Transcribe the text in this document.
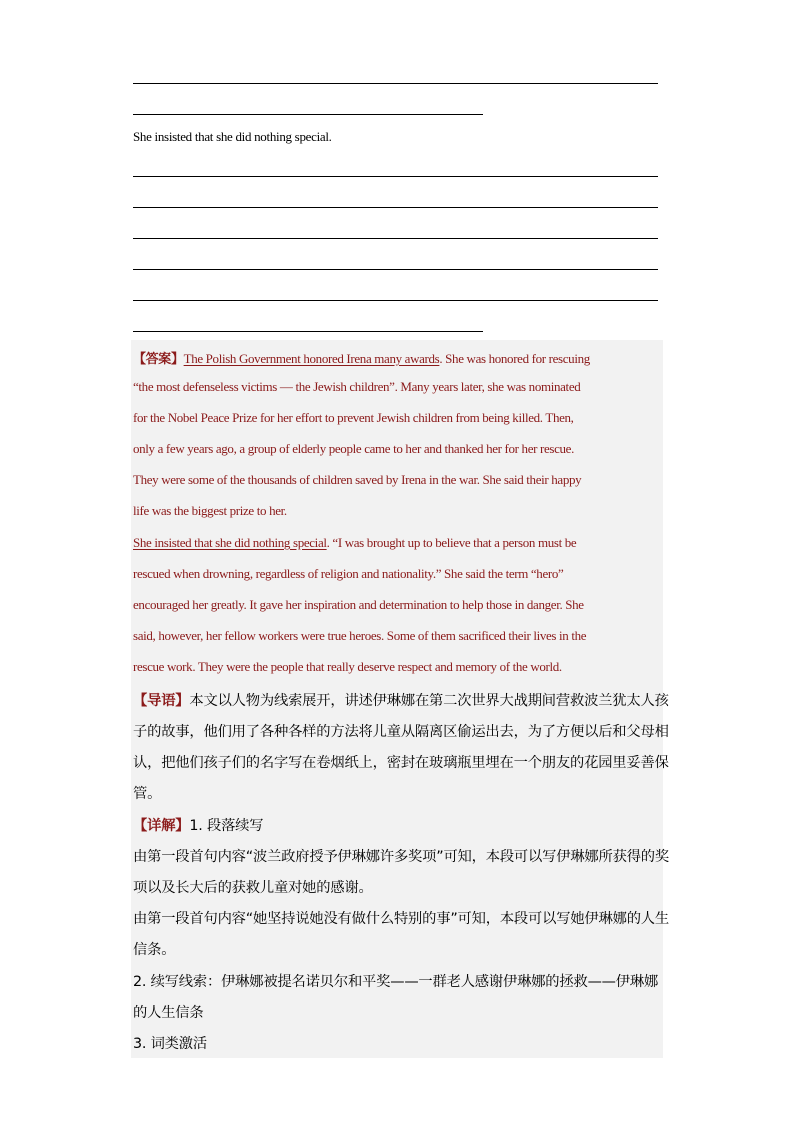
She insisted that she did nothing special.
【答案】The Polish Government honored Irena many awards. She was honored for rescuing
“the most defenseless victims — the Jewish children”. Many years later, she was nominated
for the Nobel Peace Prize for her effort to prevent Jewish children from being killed. Then,
only a few years ago, a group of elderly people came to her and thanked her for her rescue.
They were some of the thousands of children saved by Irena in the war. She said their happy
life was the biggest prize to her.
She insisted that she did nothing special. “I was brought up to believe that a person must be
rescued when drowning, regardless of religion and nationality.” She said the term “hero”
encouraged her greatly. It gave her inspiration and determination to help those in danger. She
said, however, her fellow workers were true heroes. Some of them sacrificed their lives in the
rescue work. They were the people that really deserve respect and memory of the world.
【导语】本文以人物为线索展开，讲述伊琳娜在第二次世界大战期间营救波兰犹太人孩
子的故事，他们用了各种各样的方法将儿童从隔离区偷运出去，为了方便以后和父母相
认，把他们孩子们的名字写在卷烟纸上，密封在玻璃瓶里埋在一个朋友的花园里妥善保
管。
【详解】1. 段落续写
由第一段首句内容“波兰政府授予伊琳娜许多奖项”可知，本段可以写伊琳娜所获得的奖
项以及长大后的获救儿童对她的感谢。
由第一段首句内容“她坚持说她没有做什么特别的事”可知，本段可以写她伊琳娜的人生
信条。
2. 续写线索：伊琳娜被提名诺贝尔和平奖——一群老人感谢伊琳娜的拯救——伊琳娜
的人生信条
3. 词类激活
